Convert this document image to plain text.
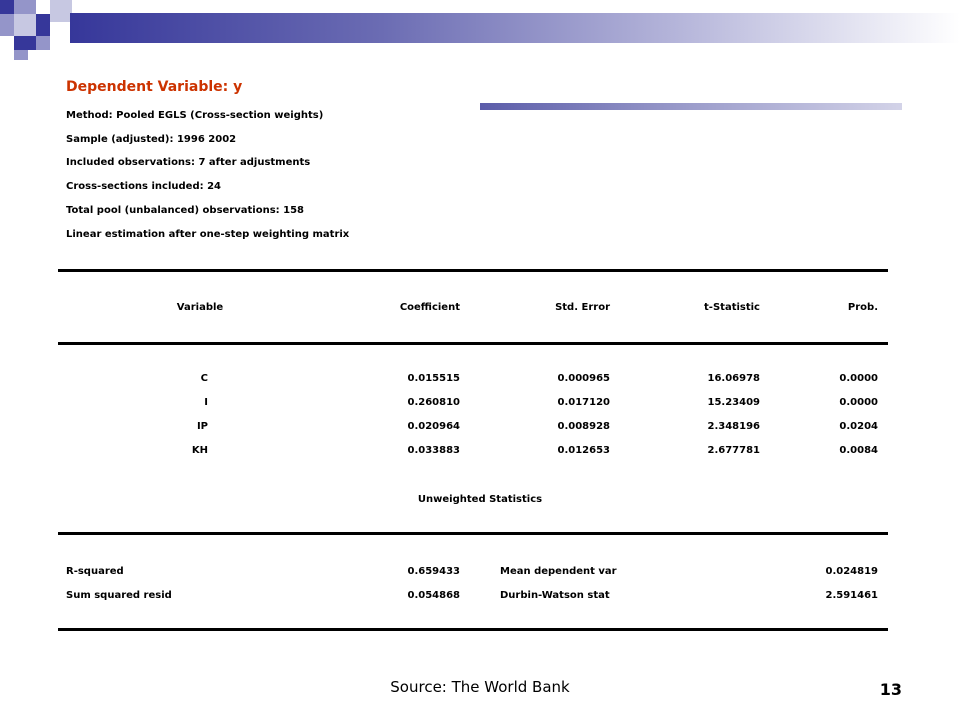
Dependent Variable: y
Method: Pooled EGLS (Cross-section weights)
Sample (adjusted): 1996 2002
Included observations: 7 after adjustments
Cross-sections included: 24
Total pool (unbalanced) observations: 158
Linear estimation after one-step weighting matrix
Variable	Coefficient	Std. Error	t-Statistic	Prob.
C	0.015515	0.000965	16.06978	0.0000
I	0.260810	0.017120	15.23409	0.0000
IP	0.020964	0.008928	2.348196	0.0204
KH	0.033883	0.012653	2.677781	0.0084
Unweighted Statistics
R-squared	0.659433	Mean dependent var	0.024819
Sum squared resid	0.054868	Durbin-Watson stat	2.591461
Source: The World Bank	13
